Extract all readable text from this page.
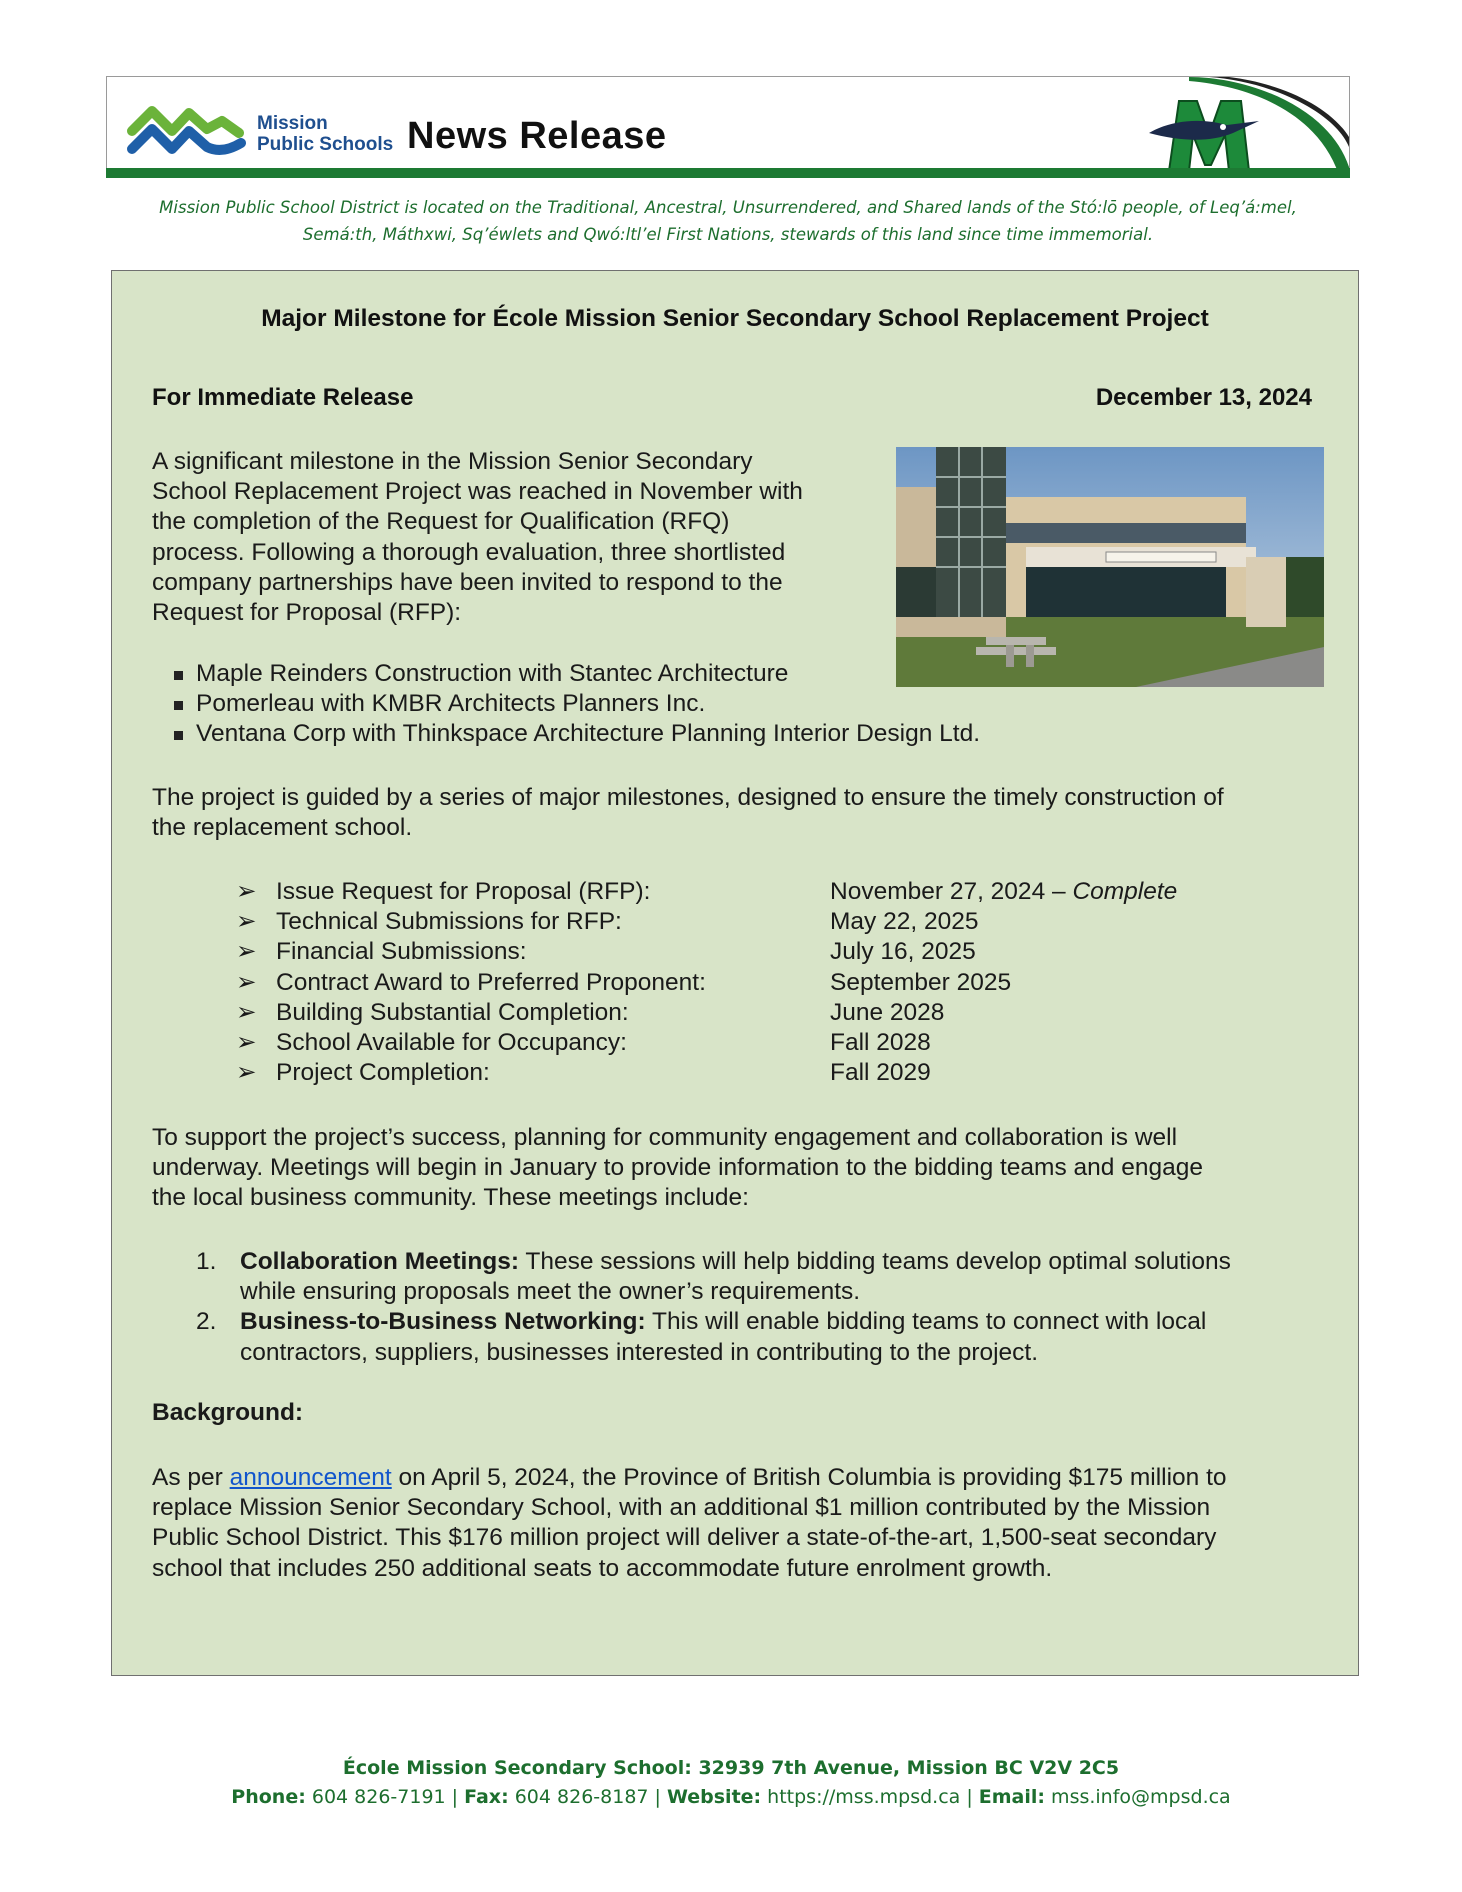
Mission
Public Schools News Release
Mission Public School District is located on the Traditional, Ancestral, Unsurrendered, and Shared lands of the Stó:lō people, of Leq’á:mel,
Semá:th, Máthxwi, Sq’éwlets and Qwó:ltl’el First Nations, stewards of this land since time immemorial.
Major Milestone for École Mission Senior Secondary School Replacement Project
For Immediate Release	December 13, 2024
A significant milestone in the Mission Senior Secondary
School Replacement Project was reached in November with
the completion of the Request for Qualification (RFQ)
process. Following a thorough evaluation, three shortlisted
company partnerships have been invited to respond to the
Request for Proposal (RFP):
Maple Reinders Construction with Stantec Architecture
Pomerleau with KMBR Architects Planners Inc.
Ventana Corp with Thinkspace Architecture Planning Interior Design Ltd.
The project is guided by a series of major milestones, designed to ensure the timely construction of
the replacement school.
➢ Issue Request for Proposal (RFP):	November 27, 2024 – Complete
➢ Technical Submissions for RFP:	May 22, 2025
➢ Financial Submissions:	July 16, 2025
➢ Contract Award to Preferred Proponent:	September 2025
➢ Building Substantial Completion:	June 2028
➢ School Available for Occupancy:	Fall 2028
➢ Project Completion:	Fall 2029
To support the project’s success, planning for community engagement and collaboration is well
underway. Meetings will begin in January to provide information to the bidding teams and engage
the local business community. These meetings include:
1. Collaboration Meetings: These sessions will help bidding teams develop optimal solutions
while ensuring proposals meet the owner’s requirements.
2. Business-to-Business Networking: This will enable bidding teams to connect with local
contractors, suppliers, businesses interested in contributing to the project.
Background:
As per announcement on April 5, 2024, the Province of British Columbia is providing $175 million to
replace Mission Senior Secondary School, with an additional $1 million contributed by the Mission
Public School District. This $176 million project will deliver a state-of-the-art, 1,500-seat secondary
school that includes 250 additional seats to accommodate future enrolment growth.
École Mission Secondary School: 32939 7th Avenue, Mission BC V2V 2C5
Phone: 604 826-7191 | Fax: 604 826-8187 | Website: https://mss.mpsd.ca | Email: mss.info@mpsd.ca
